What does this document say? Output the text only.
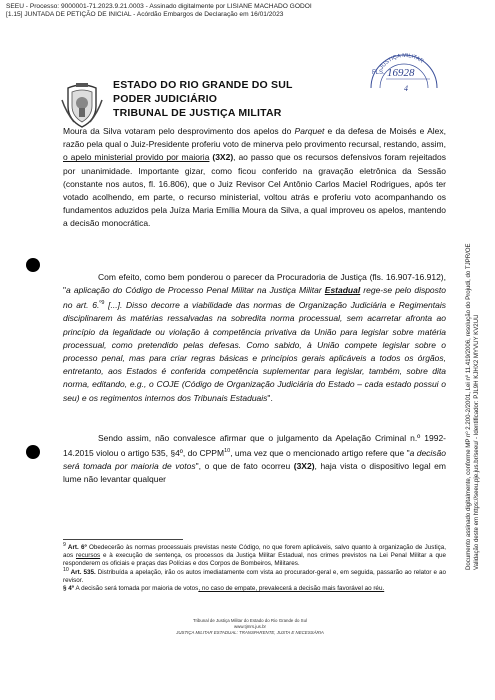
SEEU - Processo: 9000001-71.2023.9.21.0003 - Assinado digitalmente por LISIANE MACHADO GODOI
[1.15] JUNTADA DE PETIÇÃO DE INICIAL - Acórdão Embargos de Declaração em 16/01/2023
ESTADO DO RIO GRANDE DO SUL
PODER JUDICIÁRIO
TRIBUNAL DE JUSTIÇA MILITAR
JUSTIÇA MILITAR
FLS. 16928
4

Moura da Silva votaram pelo desprovimento dos apelos do Parquet e da defesa de Moisés e Alex, razão pela qual o Juiz-Presidente proferiu voto de minerva pelo provimento recursal, restando, assim, o apelo ministerial provido por maioria (3X2), ao passo que os recursos defensivos foram rejeitados por unanimidade. Importante gizar, como ficou conferido na gravação eletrônica da Sessão (constante nos autos, fl. 16.806), que o Juiz Revisor Cel Antônio Carlos Maciel Rodrigues, após ter votado acolhendo, em parte, o recurso ministerial, voltou atrás e proferiu voto acompanhando os fundamentos aduzidos pela Juíza Maria Emília Moura da Silva, a qual improveu os apelos, mantendo a decisão monocrática.

Com efeito, como bem ponderou o parecer da Procuradoria de Justiça (fls. 16.907-16.912), "a aplicação do Código de Processo Penal Militar na Justiça Militar Estadual rege-se pelo disposto no art. 6.$^{º9}$ [...]. Disso decorre a viabilidade das normas de Organização Judiciária e Regimentais disciplinarem às matérias ressalvadas na sobredita norma processual, sem acarretar afronta ao princípio da legalidade ou violação à competência privativa da União para legislar sobre matéria processual, como pretendido pelas defesas. Como sabido, à União compete legislar sobre o processo penal, mas para criar regras básicas e princípios gerais aplicáveis a todos os órgãos, entretanto, aos Estados é conferida competência suplementar para legislar, também, sobre dita norma, editando, e.g., o COJE (Código de Organização Judiciária do Estado – cada estado possui o seu) e os regimentos internos dos Tribunais Estaduais".

Sendo assim, não convalesce afirmar que o julgamento da Apelação Criminal n.º 1992-14.2015 violou o artigo 535, §4º, do CPPM$^{10}$, uma vez que o mencionado artigo refere que "a decisão será tomada por maioria de votos", o que de fato ocorreu (3X2), haja vista o dispositivo legal em lume não levantar qualquer

$^9$ Art. 6º Obedecerão às normas processuais previstas neste Código, no que forem aplicáveis, salvo quanto à organização de Justiça, aos recursos e à execução de sentença, os processos da Justiça Militar Estadual, nos crimes previstos na Lei Penal Militar a que responderem os oficiais e praças das Polícias e dos Corpos de Bombeiros, Militares.

$^{10}$ Art. 535. Distribuída a apelação, irão os autos imediatamente com vista ao procurador-geral e, em seguida, passarão ao relator e ao revisor.

§ 4º A decisão será tomada por maioria de votos, no caso de empate, prevalecerá a decisão mais favorável ao réu.

Tribunal de Justiça Militar do Estado do Rio Grande do Sul
www.tjmrs.jus.br
JUSTIÇA MILITAR ESTADUAL: TRANSPARENTE, JUSTA E NECESSÁRIA
Documento assinado digitalmente, conforme MP nº 2.200-2/2001, Lei nº 11.419/2006, resolução do Projudi, do TJPR/OE Validação deste em https://seeu.pje.jus.br/seeu/ - Identificador: PJL9H KJHX2 MYVUY KV2UU
